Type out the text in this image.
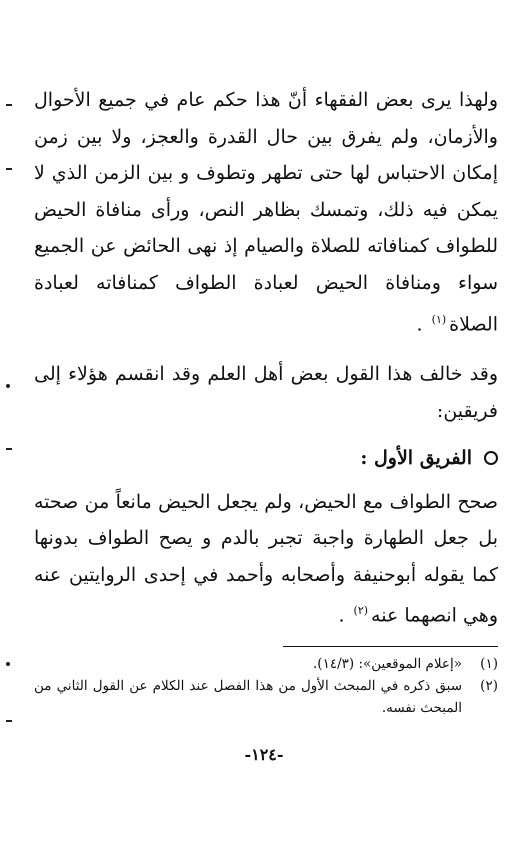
ولهذا يرى بعض الفقهاء أنّ هذا حكم عام في جميع الأحوال والأزمان، ولم يفرق بين حال القدرة والعجز، ولا بين زمن إمكان الاحتباس لها حتى تطهر وتطوف و بين الزمن الذي لا يمكن فيه ذلك، وتمسك بظاهر النص، ورأى منافاة الحيض للطواف كمنافاته للصلاة والصيام إذ نهى الحائض عن الجميع سواء ومنافاة الحيض لعبادة الطواف كمنافاته لعبادة الصلاة$^{(١)}$ .

وقد خالف هذا القول بعض أهل العلم وقد انقسم هؤلاء إلى فريقين:

الفريق الأول :

صحح الطواف مع الحيض، ولم يجعل الحيض مانعاً من صحته بل جعل الطهارة واجبة تجبر بالدم و يصح الطواف بدونها كما يقوله أبوحنيفة وأصحابه وأحمد في إحدى الروايتين عنه وهي انصهما عنه$^{(٢)}$ .

(١)
«إعلام الموقعين»: (١٤/٣).

(٢)
سبق ذكره في المبحث الأول من هذا الفصل عند الكلام عن القول الثاني من المبحث نفسه.

-١٢٤-
